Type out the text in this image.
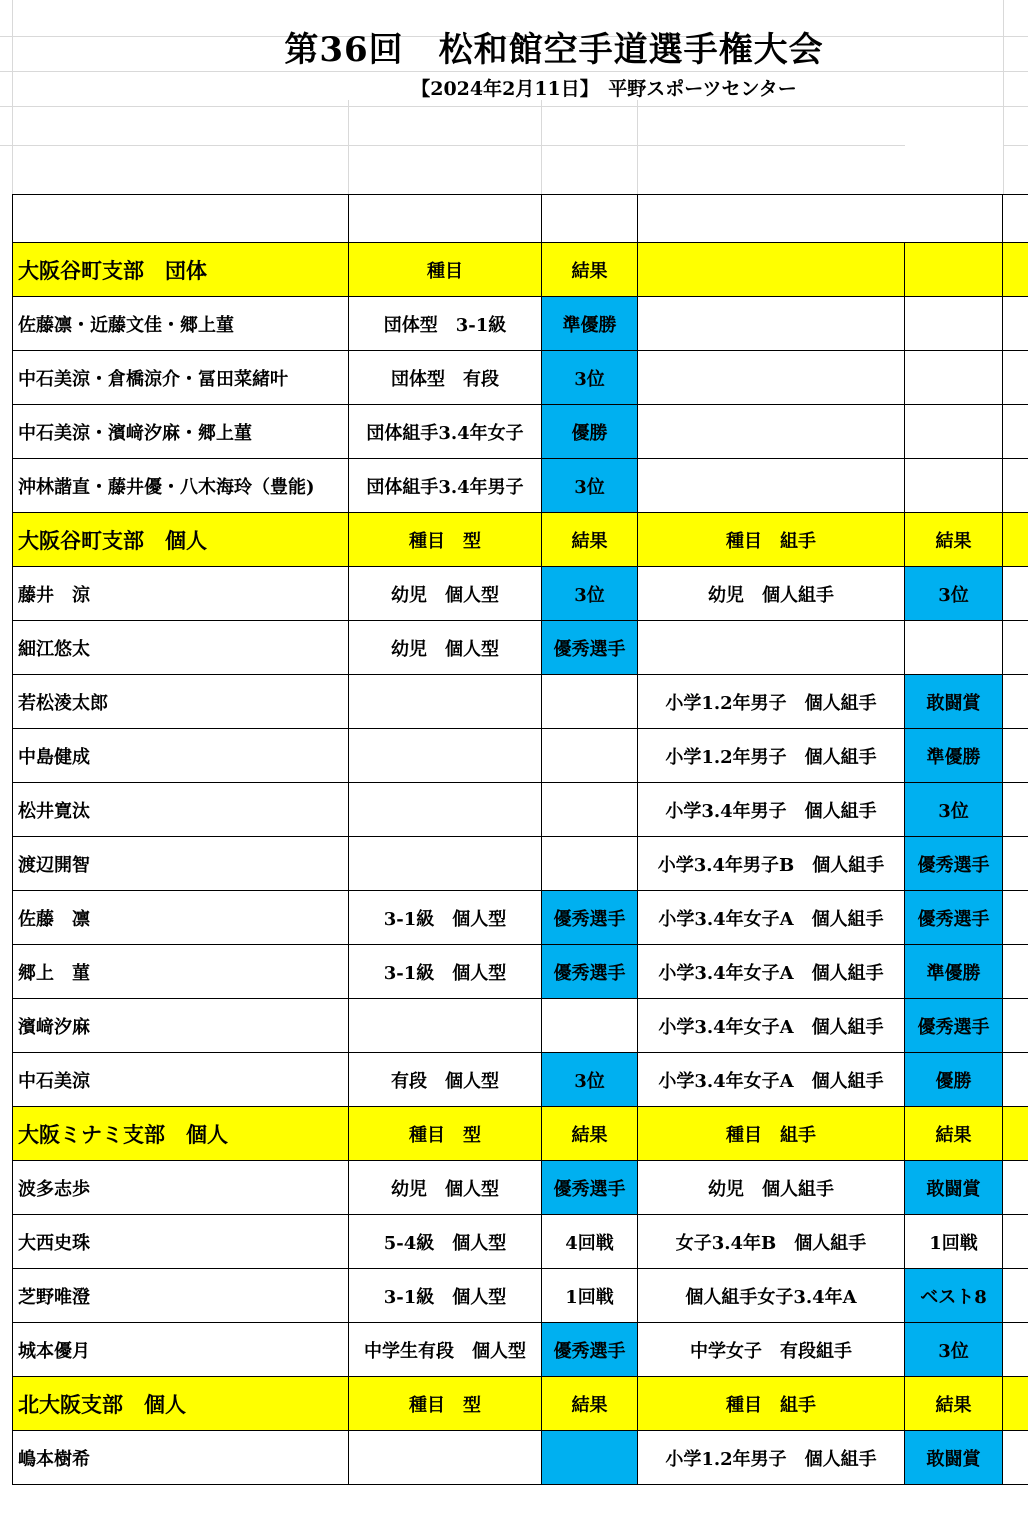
第36回　松和館空手道選手権大会
【2024年2月11日】　平野スポーツセンター

大阪谷町支部　団体	種目	結果			
佐藤凛・近藤文佳・郷上菫	団体型　3-1級	準優勝			
中石美涼・倉橋涼介・冨田菜緒叶	団体型　有段	3位			
中石美涼・濱﨑汐麻・郷上菫	団体組手3.4年女子	優勝			
沖林諧直・藤井優・八木海玲（豊能)	団体組手3.4年男子	3位			
大阪谷町支部　個人	種目　型	結果	種目　組手	結果	
藤井　涼	幼児　個人型	3位	幼児　個人組手	3位	
細江悠太	幼児　個人型	優秀選手			
若松淩太郎			小学1.2年男子　個人組手	敢闘賞	
中島健成			小学1.2年男子　個人組手	準優勝	
松井寛汰			小学3.4年男子　個人組手	3位	
渡辺開智			小学3.4年男子B　個人組手	優秀選手	
佐藤　凛	3-1級　個人型	優秀選手	小学3.4年女子A　個人組手	優秀選手	
郷上　菫	3-1級　個人型	優秀選手	小学3.4年女子A　個人組手	準優勝	
濱﨑汐麻			小学3.4年女子A　個人組手	優秀選手	
中石美涼	有段　個人型	3位	小学3.4年女子A　個人組手	優勝	
大阪ミナミ支部　個人	種目　型	結果	種目　組手	結果	
波多志歩	幼児　個人型	優秀選手	幼児　個人組手	敢闘賞	
大西史珠	5-4級　個人型	4回戦	女子3.4年B　個人組手	1回戦	
芝野唯澄	3-1級　個人型	1回戦	個人組手女子3.4年A	ベスト8	
城本優月	中学生有段　個人型	優秀選手	中学女子　有段組手	3位	
北大阪支部　個人	種目　型	結果	種目　組手	結果	
嶋本樹希			小学1.2年男子　個人組手	敢闘賞	
